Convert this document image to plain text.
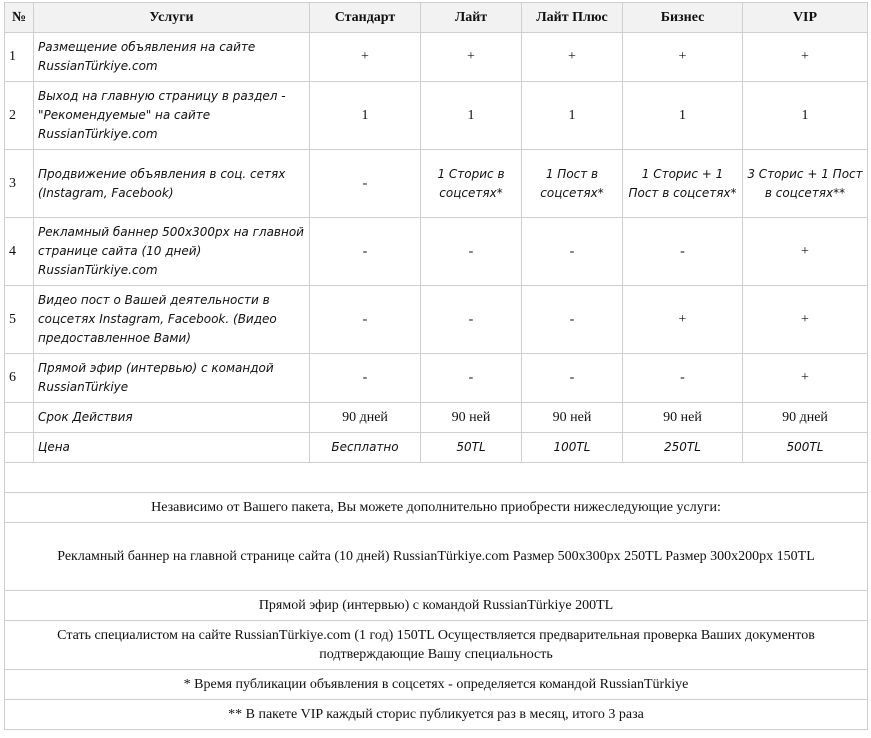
№	Услуги	Стандарт	Лайт	Лайт Плюс	Бизнес	VIP
1	Размещение объявления на сайте RussianTürkiye.com	+	+	+	+	+
2	Выход на главную страницу в раздел - "Рекомендуемые" на сайте RussianTürkiye.com	1	1	1	1	1
3	Продвижение объявления в соц. сетях (Instagram, Facebook)	-	1 Сторис в соцсетях*	1 Пост в соцсетях*	1 Сторис + 1 Пост в соцсетях*	3 Сторис + 1 Пост в соцсетях**
4	Рекламный баннер 500x300px на главной странице сайта (10 дней) RussianTürkiye.com	-	-	-	-	+
5	Видео пост о Вашей деятельности в соцсетях Instagram, Facebook. (Видео предоставленное Вами)	-	-	-	+	+
6	Прямой эфир (интервью) с командой RussianTürkiye	-	-	-	-	+
	Срок Действия	90 дней	90 ней	90 ней	90 ней	90 дней
	Цена	Бесплатно	50TL	100TL	250TL	500TL

Независимо от Вашего пакета, Вы можете дополнительно приобрести нижеследующие услуги:						
Рекламный баннер на главной странице сайта (10 дней) RussianTürkiye.com Размер 500x300px 250TL Размер 300x200px 150TL						
Прямой эфир (интервью) с командой RussianTürkiye 200TL						
Стать специалистом на сайте RussianTürkiye.com (1 год) 150TL Осуществляется предварительная проверка Ваших документов подтверждающие Вашу специальность						
* Время публикации объявления в соцсетях - определяется командой RussianTürkiye						
** В пакете VIP каждый сторис публикуется раз в месяц, итого 3 раза						
